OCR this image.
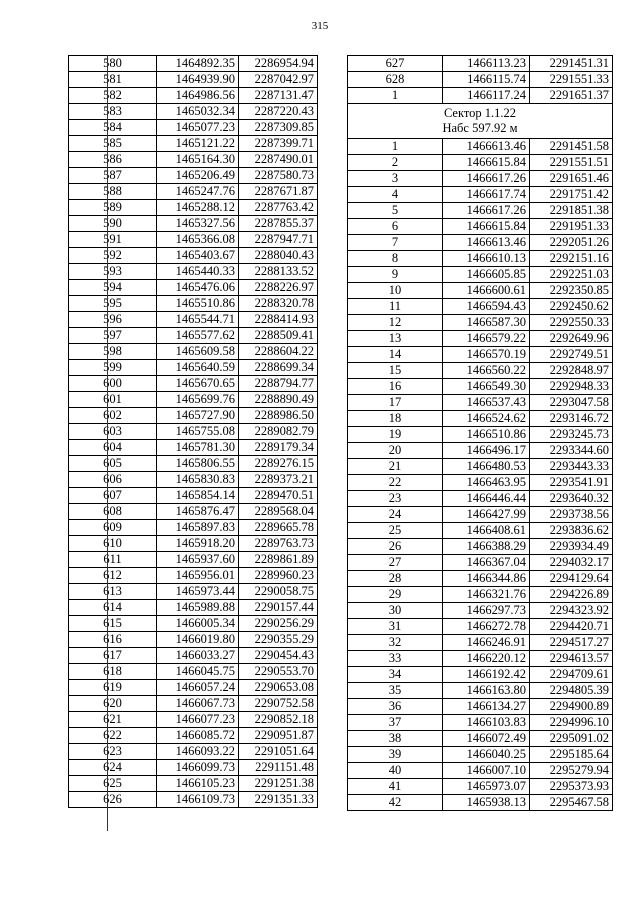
315
580	1464892.35	2286954.94
581	1464939.90	2287042.97
582	1464986.56	2287131.47
583	1465032.34	2287220.43
584	1465077.23	2287309.85
585	1465121.22	2287399.71
586	1465164.30	2287490.01
587	1465206.49	2287580.73
588	1465247.76	2287671.87
589	1465288.12	2287763.42
590	1465327.56	2287855.37
591	1465366.08	2287947.71
592	1465403.67	2288040.43
593	1465440.33	2288133.52
594	1465476.06	2288226.97
595	1465510.86	2288320.78
596	1465544.71	2288414.93
597	1465577.62	2288509.41
598	1465609.58	2288604.22
599	1465640.59	2288699.34
600	1465670.65	2288794.77
601	1465699.76	2288890.49
602	1465727.90	2288986.50
603	1465755.08	2289082.79
604	1465781.30	2289179.34
605	1465806.55	2289276.15
606	1465830.83	2289373.21
607	1465854.14	2289470.51
608	1465876.47	2289568.04
609	1465897.83	2289665.78
610	1465918.20	2289763.73
611	1465937.60	2289861.89
612	1465956.01	2289960.23
613	1465973.44	2290058.75
614	1465989.88	2290157.44
615	1466005.34	2290256.29
616	1466019.80	2290355.29
617	1466033.27	2290454.43
618	1466045.75	2290553.70
619	1466057.24	2290653.08
620	1466067.73	2290752.58
621	1466077.23	2290852.18
622	1466085.72	2290951.87
623	1466093.22	2291051.64
624	1466099.73	2291151.48
625	1466105.23	2291251.38
626	1466109.73	2291351.33
627	1466113.23	2291451.31
628	1466115.74	2291551.33
1	1466117.24	2291651.37

Сектор 1.1.22
Набс 597.92 м		

1	1466613.46	2291451.58
2	1466615.84	2291551.51
3	1466617.26	2291651.46
4	1466617.74	2291751.42
5	1466617.26	2291851.38
6	1466615.84	2291951.33
7	1466613.46	2292051.26
8	1466610.13	2292151.16
9	1466605.85	2292251.03
10	1466600.61	2292350.85
11	1466594.43	2292450.62
12	1466587.30	2292550.33
13	1466579.22	2292649.96
14	1466570.19	2292749.51
15	1466560.22	2292848.97
16	1466549.30	2292948.33
17	1466537.43	2293047.58
18	1466524.62	2293146.72
19	1466510.86	2293245.73
20	1466496.17	2293344.60
21	1466480.53	2293443.33
22	1466463.95	2293541.91
23	1466446.44	2293640.32
24	1466427.99	2293738.56
25	1466408.61	2293836.62
26	1466388.29	2293934.49
27	1466367.04	2294032.17
28	1466344.86	2294129.64
29	1466321.76	2294226.89
30	1466297.73	2294323.92
31	1466272.78	2294420.71
32	1466246.91	2294517.27
33	1466220.12	2294613.57
34	1466192.42	2294709.61
35	1466163.80	2294805.39
36	1466134.27	2294900.89
37	1466103.83	2294996.10
38	1466072.49	2295091.02
39	1466040.25	2295185.64
40	1466007.10	2295279.94
41	1465973.07	2295373.93
42	1465938.13	2295467.58
